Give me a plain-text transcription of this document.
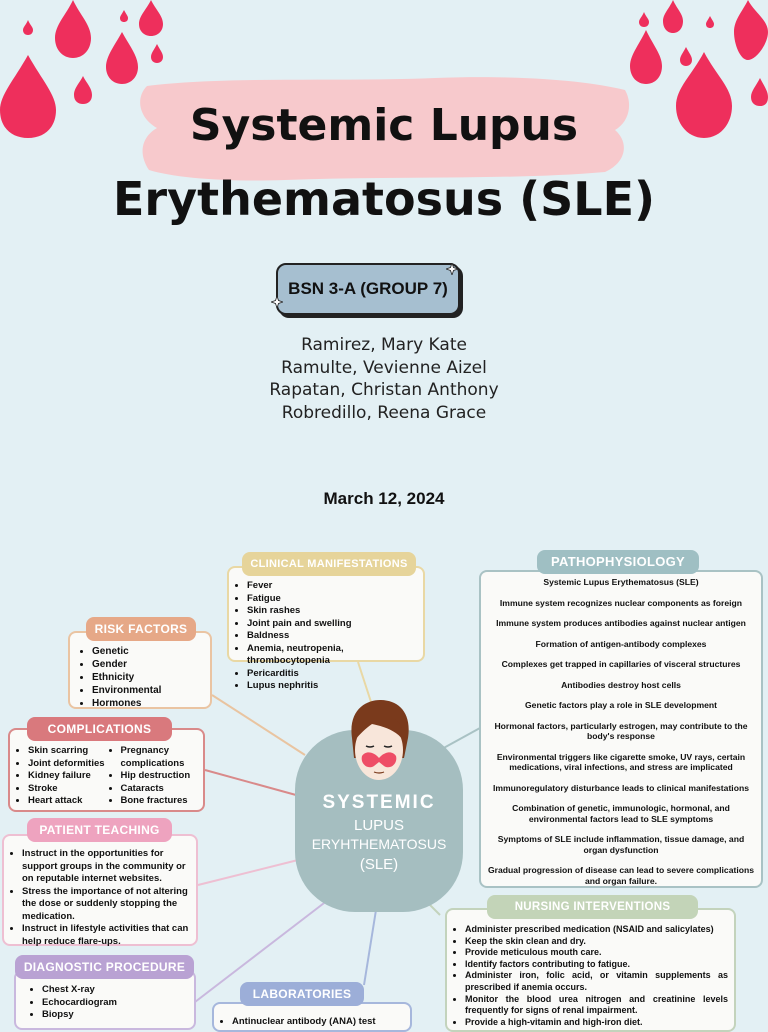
Systemic Lupus
Erythematosus (SLE)
BSN 3-A (GROUP 7)
Ramirez, Mary Kate
Ramulte, Vevienne Aizel
Rapatan, Christan Anthony
Robredillo, Reena Grace
March 12, 2024
SYSTEMIC
LUPUS
ERYHTHEMATOSUS
(SLE)
• Fever
• Fatigue
• Skin rashes
• Joint pain and swelling
• Baldness
• Anemia, neutropenia, thrombocytopenia
• Pericarditis
• Lupus nephritis
CLINICAL MANIFESTATIONS
• Genetic
• Gender
• Ethnicity
• Environmental
• Hormones
RISK FACTORS
• Skin scarring
• Joint deformities
• Kidney failure
• Stroke
• Heart attack
• Pregnancy complications
• Hip destruction
• Cataracts
• Bone fractures
COMPLICATIONS
• Instruct in the opportunities for support groups in the community or on reputable internet websites.
• Stress the importance of not altering the dose or suddenly stopping the medication.
• Instruct in lifestyle activities that can help reduce flare-ups.
PATIENT TEACHING
• Chest X-ray
• Echocardiogram
• Biopsy
DIAGNOSTIC PROCEDURE
• Antinuclear antibody (ANA) test
LABORATORIES

Systemic Lupus Erythematosus (SLE)

Immune system recognizes nuclear components as foreign

Immune system produces antibodies against nuclear antigen

Formation of antigen-antibody complexes

Complexes get trapped in capillaries of visceral structures

Antibodies destroy host cells

Genetic factors play a role in SLE development

Hormonal factors, particularly estrogen, may contribute to the body's response

Environmental triggers like cigarette smoke, UV rays, certain medications, viral infections, and stress are implicated

Immunoregulatory disturbance leads to clinical manifestations

Combination of genetic, immunologic, hormonal, and environmental factors lead to SLE symptoms

Symptoms of SLE include inflammation, tissue damage, and organ dysfunction

Gradual progression of disease can lead to severe complications and organ failure.

PATHOPHYSIOLOGY
• Administer prescribed medication (NSAID and salicylates)
• Keep the skin clean and dry.
• Provide meticulous mouth care.
• Identify factors contributing to fatigue.
• Administer iron, folic acid, or vitamin supplements as prescribed if anemia occurs.
• Monitor the blood urea nitrogen and creatinine levels frequently for signs of renal impairment.
• Provide a high-vitamin and high-iron diet.
NURSING INTERVENTIONS
